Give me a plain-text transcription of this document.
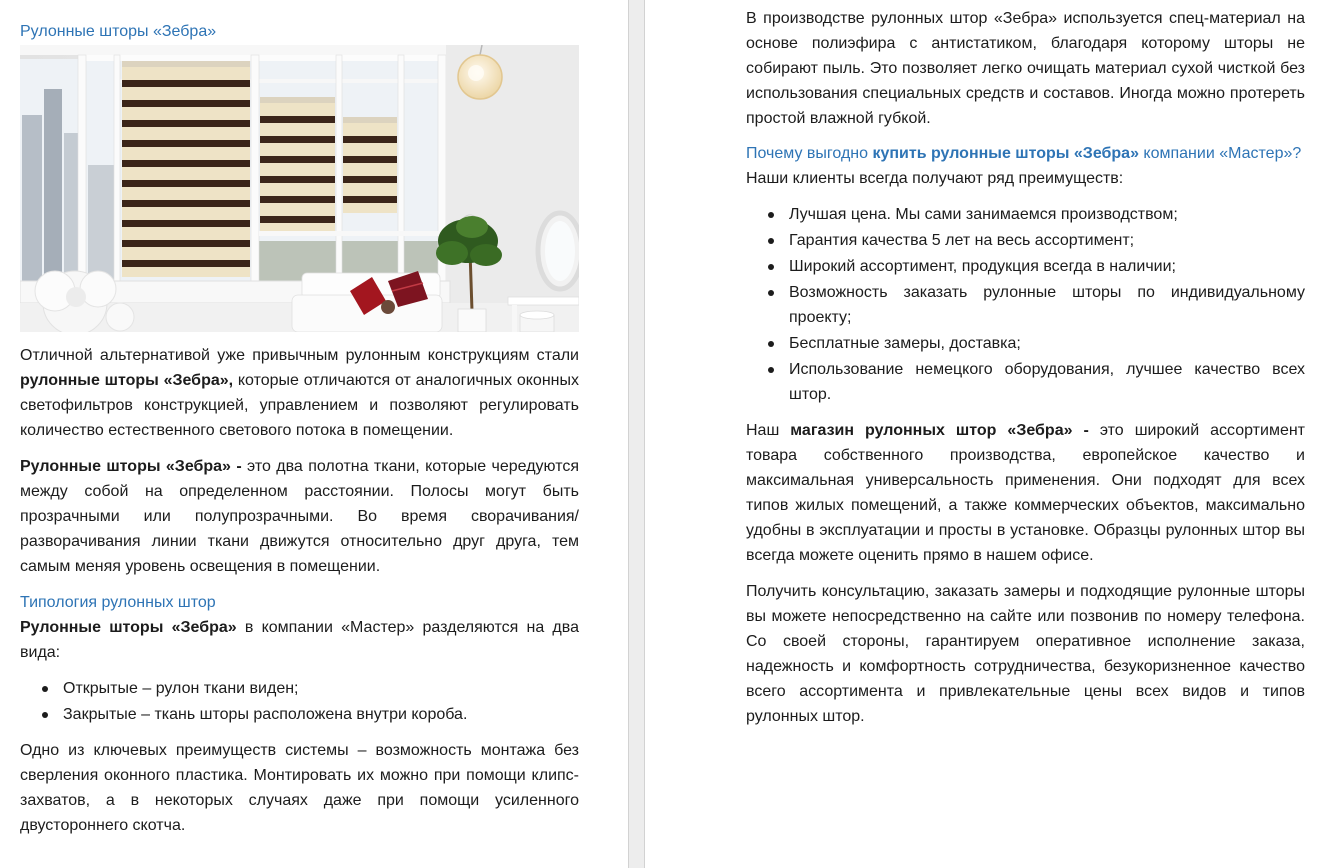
Рулонные шторы «Зебра»

Отличной альтернативой уже привычным рулонным конструкциям стали рулонные шторы «Зебра», которые отличаются от аналогичных оконных светофильтров конструкцией, управлением и позволяют регулировать количество естественного светового потока в помещении.

Рулонные шторы «Зебра» - это два полотна ткани, которые чередуются между собой на определенном расстоянии. Полосы могут быть прозрачными или полупрозрачными. Во время сворачивания/разворачивания линии ткани движутся относительно друг друга, тем самым меняя уровень освещения в помещении.

Типология рулонных штор

Рулонные шторы «Зебра» в компании «Мастер» разделяются на два вида:

Открытые – рулон ткани виден;
Закрытые – ткань шторы расположена внутри короба.

Одно из ключевых преимуществ системы – возможность монтажа без сверления оконного пластика. Монтировать их можно при помощи клипс-захватов, а в некоторых случаях даже при помощи усиленного двустороннего скотча.

В производстве рулонных штор «Зебра» используется спец-материал на основе полиэфира с антистатиком, благодаря которому шторы не собирают пыль. Это позволяет легко очищать материал сухой чисткой без использования специальных средств и составов. Иногда можно протереть простой влажной губкой.

Почему выгодно купить рулонные шторы «Зебра» компании «Мастер»?

Наши клиенты всегда получают ряд преимуществ:

Лучшая цена. Мы сами занимаемся производством;
Гарантия качества 5 лет на весь ассортимент;
Широкий ассортимент, продукция всегда в наличии;
Возможность заказать рулонные шторы по индивидуальному проекту;
Бесплатные замеры, доставка;
Использование немецкого оборудования, лучшее качество всех штор.

Наш магазин рулонных штор «Зебра» - это широкий ассортимент товара собственного производства, европейское качество и максимальная универсальность применения. Они подходят для всех типов жилых помещений, а также коммерческих объектов, максимально удобны в эксплуатации и просты в установке. Образцы рулонных штор вы всегда можете оценить прямо в нашем офисе.

Получить консультацию, заказать замеры и подходящие рулонные шторы вы можете непосредственно на сайте или позвонив по номеру телефона. Со своей стороны, гарантируем оперативное исполнение заказа, надежность и комфортность сотрудничества, безукоризненное качество всего ассортимента и привлекательные цены всех видов и типов рулонных штор.
